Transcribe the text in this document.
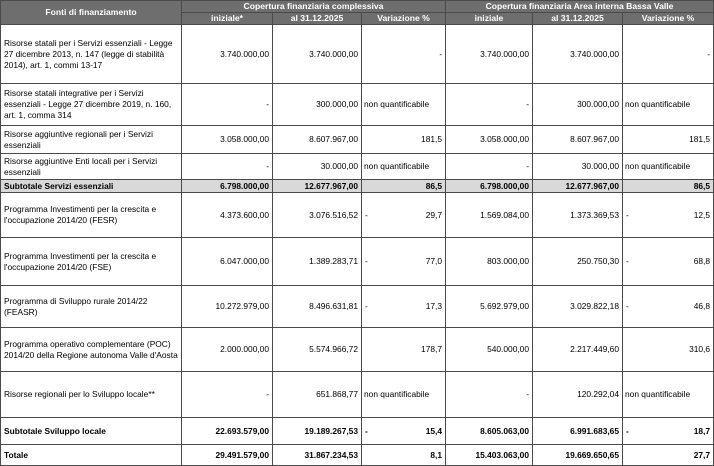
Fonti di finanziamento	Copertura finanziaria complessiva			Copertura finanziaria Area interna Bassa Valle		
	iniziale*	al 31.12.2025	Variazione %	iniziale	al 31.12.2025	Variazione %
Risorse statali per i Servizi essenziali - Legge 27 dicembre 2013, n. 147 (legge di stabilità 2014), art. 1, commi 13-17	3.740.000,00	3.740.000,00	-	3.740.000,00	3.740.000,00	-
Risorse statali integrative per i Servizi essenziali - Legge 27 dicembre 2019, n. 160, art. 1, comma 314	-	300.000,00	non quantificabile	-	300.000,00	non quantificabile
Risorse aggiuntive regionali per i Servizi essenziali	3.058.000,00	8.607.967,00	181,5	3.058.000,00	8.607.967,00	181,5
Risorse aggiuntive Enti locali per i Servizi essenziali	-	30.000,00	non quantificabile	-	30.000,00	non quantificabile
Subtotale Servizi essenziali	6.798.000,00	12.677.967,00	86,5	6.798.000,00	12.677.967,00	86,5
Programma Investimenti per la crescita e l'occupazione 2014/20 (FESR)	4.373.600,00	3.076.516,52	- 29,7	1.569.084,00	1.373.369,53	- 12,5

Programma Investimenti per la crescita e l'occupazione 2014/20 (FSE)	6.047.000,00	1.389.283,71	- 77,0	803.000,00	250.750,30	- 68,8

Programma di Sviluppo rurale 2014/22 (FEASR)	10.272.979,00	8.496.631,81	- 17,3	5.692.979,00	3.029.822,18	- 46,8

Programma operativo complementare (POC) 2014/20 della Regione autonoma Valle d'Aosta	2.000.000,00	5.574.966,72	178,7	540.000,00	2.217.449,60	310,6
Risorse regionali per lo Sviluppo locale**	-	651.868,77	non quantificabile	-	120.292,04	non quantificabile
Subtotale Sviluppo locale	22.693.579,00	19.189.267,53	- 15,4	8.605.063,00	6.991.683,65	- 18,7

Totale	29.491.579,00	31.867.234,53	8,1	15.403.063,00	19.669.650,65	27,7
